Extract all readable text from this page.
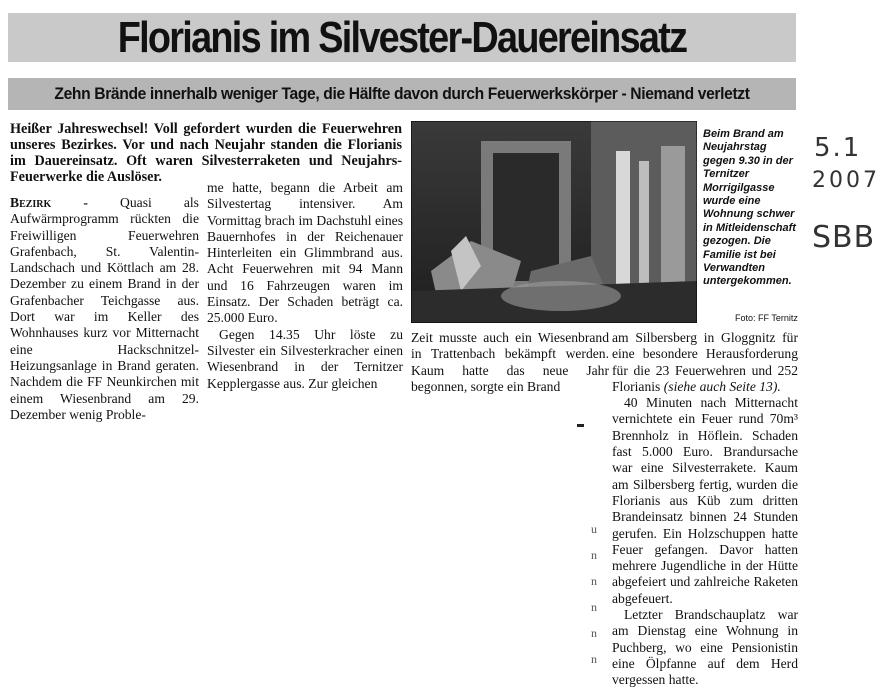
Florianis im Silvester-Dauereinsatz
Zehn Brände innerhalb weniger Tage, die Hälfte davon durch Feuerwerkskörper - Niemand verletzt
Heißer Jahreswechsel! Voll gefordert wurden die Feuerwehren unseres Bezirkes. Vor und nach Neujahr standen die Florianis im Dauereinsatz. Oft waren Silvesterraketen und Neujahrs-Feuerwerke die Auslöser.

Bezirk - Quasi als Aufwärmprogramm rückten die Freiwilligen Feuerwehren Grafenbach, St. Valentin-Landschach und Köttlach am 28. Dezember zu einem Brand in der Grafenbacher Teichgasse aus. Dort war im Keller des Wohnhauses kurz vor Mitternacht eine Hackschnitzel-Heizungsanlage in Brand geraten. Nachdem die FF Neunkirchen mit einem Wiesenbrand am 29. Dezember wenig Proble-

me hatte, begann die Arbeit am Silvestertag intensiver. Am Vormittag brach im Dachstuhl eines Bauernhofes in der Reichenauer Hinterleiten ein Glimmbrand aus. Acht Feuerwehren mit 94 Mann und 16 Fahrzeugen waren im Einsatz. Der Schaden beträgt ca. 25.000 Euro.

Gegen 14.35 Uhr löste zu Silvester ein Silvesterkracher einen Wiesenbrand in der Ternitzer Kepplergasse aus. Zur gleichen

Beim Brand am Neujahrstag gegen 9.30 in der Ternitzer Morrigilgasse wurde eine Wohnung schwer in Mitleidenschaft gezogen. Die Familie ist bei Verwandten untergekommen.
Foto: FF Ternitz

Zeit musste auch ein Wiesenbrand in Trattenbach bekämpft werden. Kaum hatte das neue Jahr begonnen, sorgte ein Brand

am Silbersberg in Gloggnitz für eine besondere Herausforderung für die 23 Feuerwehren und 252 Florianis (siehe auch Seite 13).

40 Minuten nach Mitternacht vernichtete ein Feuer rund 70m³ Brennholz in Höflein. Schaden fast 5.000 Euro. Brandursache war eine Silvesterrakete. Kaum am Silbersberg fertig, wurden die Florianis aus Küb zum dritten Brandeinsatz binnen 24 Stunden gerufen. Ein Holzschuppen hatte Feuer gefangen. Davor hatten mehrere Jugendliche in der Hütte abgefeiert und zahlreiche Raketen abgefeuert.

Letzter Brandschauplatz war am Dienstag eine Wohnung in Puchberg, wo eine Pensionistin eine Ölpfanne auf dem Herd vergessen hatte.

5.1
2007
SBB
u
n
n
n
n
n
